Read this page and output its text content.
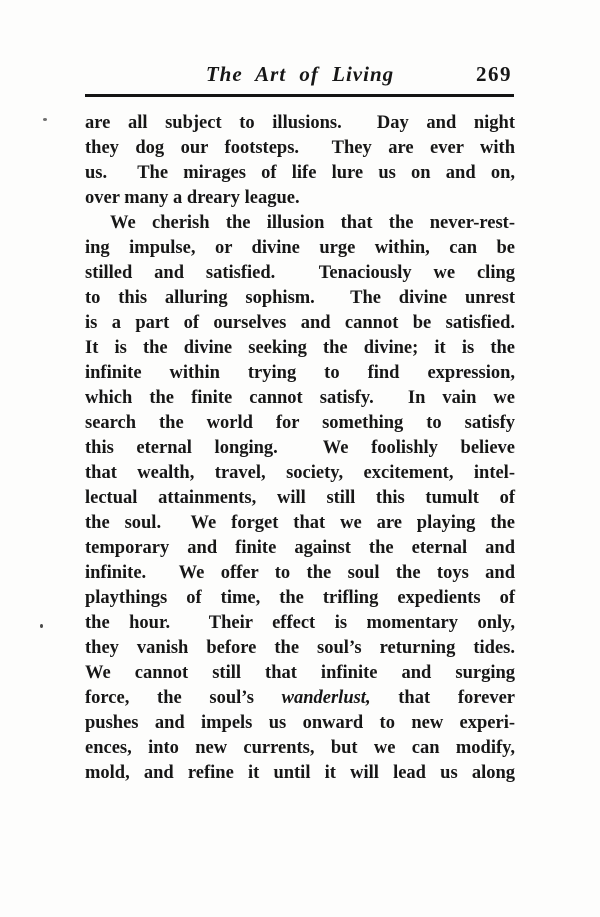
The Art of Living	269
are all subject to illusions.  Day and night
they dog our footsteps.  They are ever with
us.  The mirages of life lure us on and on,
over many a dreary league.
We cherish the illusion that the never-rest-
ing impulse, or divine urge within, can be
stilled and satisfied.  Tenaciously we cling
to this alluring sophism.  The divine unrest
is a part of ourselves and cannot be satisfied.
It is the divine seeking the divine; it is the
infinite within trying to find expression,
which the finite cannot satisfy.  In vain we
search the world for something to satisfy
this eternal longing.  We foolishly believe
that wealth, travel, society, excitement, intel-
lectual attainments, will still this tumult of
the soul.  We forget that we are playing the
temporary and finite against the eternal and
infinite.  We offer to the soul the toys and
playthings of time, the trifling expedients of
the hour.  Their effect is momentary only,
they vanish before the soul’s returning tides.
We cannot still that infinite and surging
force, the soul’s wanderlust, that forever
pushes and impels us onward to new experi-
ences, into new currents, but we can modify,
mold, and refine it until it will lead us along
